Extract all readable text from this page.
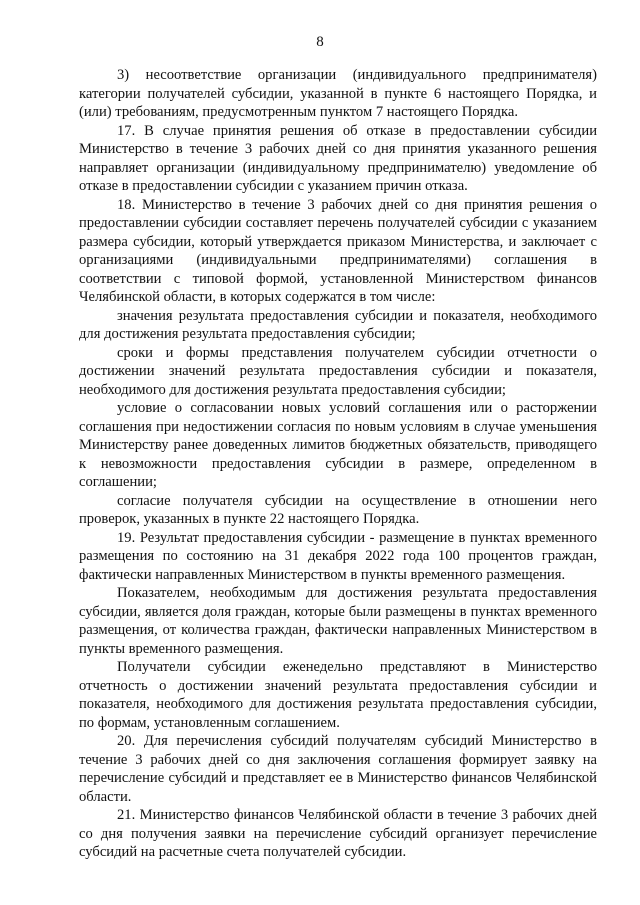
8

3) несоответствие организации (индивидуального предпринимателя) категории получателей субсидии, указанной в пункте 6 настоящего Порядка, и (или) требованиям, предусмотренным пунктом 7 настоящего Порядка.

17. В случае принятия решения об отказе в предоставлении субсидии Министерство в течение 3 рабочих дней со дня принятия указанного решения направляет организации (индивидуальному предпринимателю) уведомление об отказе в предоставлении субсидии с указанием причин отказа.

18. Министерство в течение 3 рабочих дней со дня принятия решения о предоставлении субсидии составляет перечень получателей субсидии с указанием размера субсидии, который утверждается приказом Министерства, и заключает с организациями (индивидуальными предпринимателями) соглашения в соответствии с типовой формой, установленной Министерством финансов Челябинской области, в которых содержатся в том числе:

значения результата предоставления субсидии и показателя, необходимого для достижения результата предоставления субсидии;

сроки и формы представления получателем субсидии отчетности о достижении значений результата предоставления субсидии и показателя, необходимого для достижения результата предоставления субсидии;

условие о согласовании новых условий соглашения или о расторжении соглашения при недостижении согласия по новым условиям в случае уменьшения Министерству ранее доведенных лимитов бюджетных обязательств, приводящего к невозможности предоставления субсидии в размере, определенном в соглашении;

согласие получателя субсидии на осуществление в отношении него проверок, указанных в пункте 22 настоящего Порядка.

19. Результат предоставления субсидии - размещение в пунктах временного размещения по состоянию на 31 декабря 2022 года 100 процентов граждан, фактически направленных Министерством в пункты временного размещения.

Показателем, необходимым для достижения результата предоставления субсидии, является доля граждан, которые были размещены в пунктах временного размещения, от количества граждан, фактически направленных Министерством в пункты временного размещения.

Получатели субсидии еженедельно представляют в Министерство отчетность о достижении значений результата предоставления субсидии и показателя, необходимого для достижения результата предоставления субсидии, по формам, установленным соглашением.

20. Для перечисления субсидий получателям субсидий Министерство в течение 3 рабочих дней со дня заключения соглашения формирует заявку на перечисление субсидий и представляет ее в Министерство финансов Челябинской области.

21. Министерство финансов Челябинской области в течение 3 рабочих дней со дня получения заявки на перечисление субсидий организует перечисление субсидий на расчетные счета получателей субсидии.
